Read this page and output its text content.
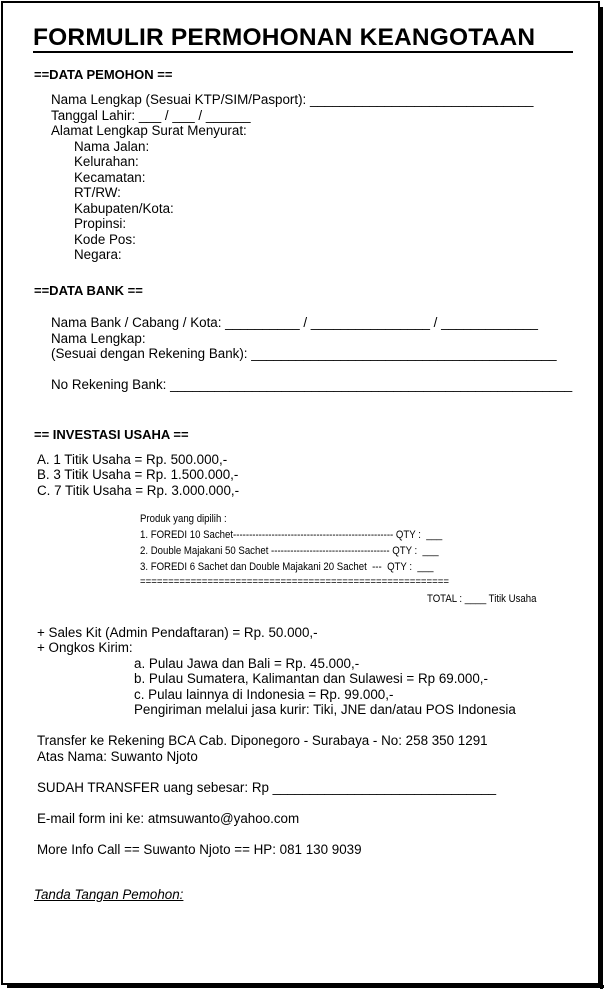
FORMULIR PERMOHONAN KEANGOTAAN
==DATA PEMOHON ==
Nama Lengkap (Sesuai KTP/SIM/Pasport): ______________________________
Tanggal Lahir: ___ / ___ / ______
Alamat Lengkap Surat Menyurat:
Nama Jalan:
Kelurahan:
Kecamatan:
RT/RW:
Kabupaten/Kota:
Propinsi:
Kode Pos:
Negara:
==DATA BANK ==
Nama Bank / Cabang / Kota: __________ / ________________ / _____________
Nama Lengkap:
(Sesuai dengan Rekening Bank): _________________________________________
No Rekening Bank: ______________________________________________________
== INVESTASI USAHA ==
A. 1 Titik Usaha = Rp. 500.000,-
B. 3 Titik Usaha = Rp. 1.500.000,-
C. 7 Titik Usaha = Rp. 3.000.000,-
Produk yang dipilih :
1. FOREDI 10 Sachet-------------------------------------------------- QTY :  ___
2. Double Majakani 50 Sachet ------------------------------------- QTY :  ___
3. FOREDI 6 Sachet dan Double Majakani 20 Sachet  ---  QTY :  ___
=======================================================
TOTAL : ____ Titik Usaha
+ Sales Kit (Admin Pendaftaran) = Rp. 50.000,-
+ Ongkos Kirim:
a. Pulau Jawa dan Bali = Rp. 45.000,-
b. Pulau Sumatera, Kalimantan dan Sulawesi = Rp 69.000,-
c. Pulau lainnya di Indonesia = Rp. 99.000,-
Pengiriman melalui jasa kurir: Tiki, JNE dan/atau POS Indonesia
Transfer ke Rekening BCA Cab. Diponegoro - Surabaya - No: 258 350 1291
Atas Nama: Suwanto Njoto
SUDAH TRANSFER uang sebesar: Rp ______________________________
E-mail form ini ke: atmsuwanto@yahoo.com
More Info Call == Suwanto Njoto == HP: 081 130 9039
Tanda Tangan Pemohon:
